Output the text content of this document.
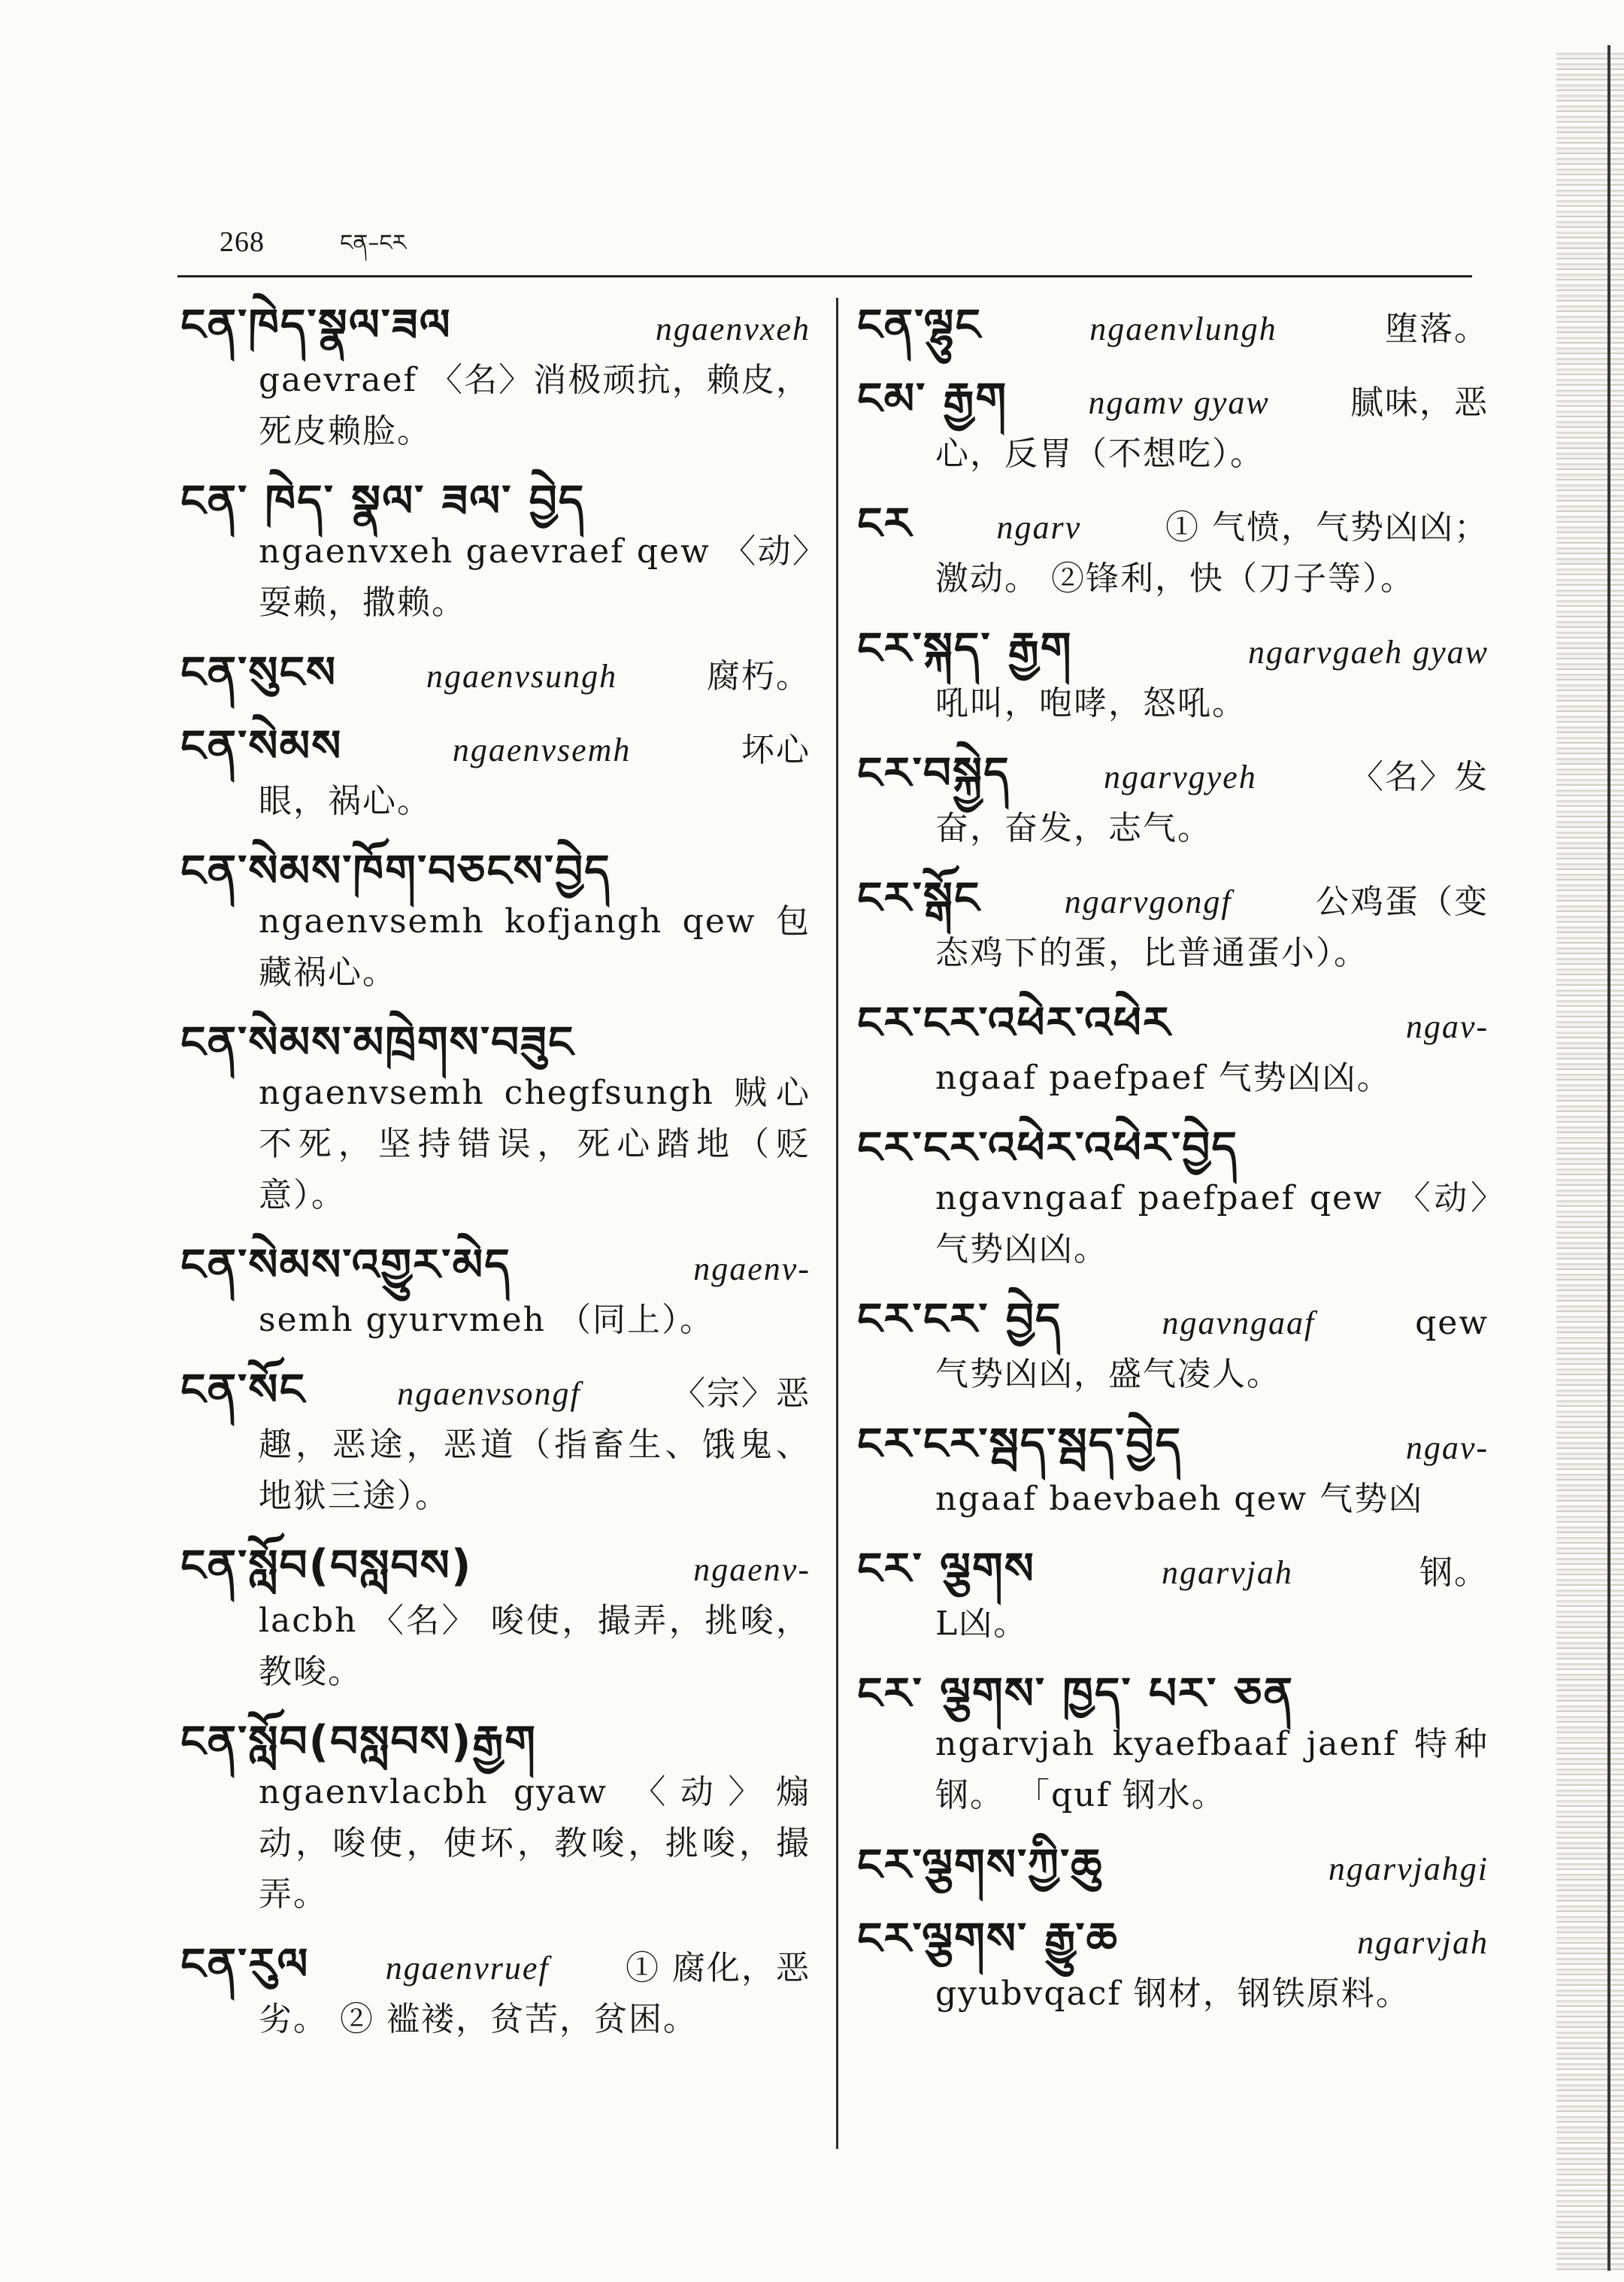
268	ངན–ངར
ངན་ཁེད་སྣལ་ཟལ	ngaenvxeh
gaevraef 〈名〉消极顽抗，赖皮，死皮赖脸。
ངན་ ཁེད་ སྣལ་ ཟལ་ བྱེད
ngaenvxeh gaevraef qew 〈动〉耍赖，撒赖。
ངན་སུངས	ngaenvsungh	腐朽。
ངན་སེམས	ngaenvsemh	坏心
眼，祸心。
ངན་སེམས་ཁོག་བཅངས་བྱེད
ngaenvsemh kofjangh qew 包藏祸心。
ངན་སེམས་མཁྲེགས་བཟུང
ngaenvsemh chegfsungh 贼心不死，坚持错误，死心踏地（贬意）。
ངན་སེམས་འགྱུར་མེད	ngaenv-
semh gyurvmeh （同上）。
ངན་སོང	ngaenvsongf	〈宗〉恶
趣，恶途，恶道（指畜生、饿鬼、地狱三途）。
ངན་སློབ(བསླབས)	ngaenv-
lacbh 〈名〉 唆使，撮弄，挑唆，教唆。
ངན་སློབ(བསླབས)རྒྱག
ngaenvlacbh gyaw 〈动〉煽动，唆使，使坏，教唆，挑唆，撮弄。
ངན་རུལ ngaenvruef ① 腐化，恶
劣。 ② 褴褛，贫苦，贫困。
ངན་ལྷུང	ngaenvlungh	堕落。
ངམ་ རྒྱག ngamv gyaw 腻味，恶
心，反胃（不想吃）。
ངར	ngarv	① 气愤，气势凶凶；
激动。 ②锋利，快（刀子等）。
ངར་སྐད་ རྒྱག	ngarvgaeh gyaw
吼叫，咆哮，怒吼。
ངར་བསྐྱེད	ngarvgyeh	〈名〉发
奋，奋发，志气。
ངར་སྒོང	ngarvgongf	公鸡蛋（变
态鸡下的蛋，比普通蛋小）。
ངར་ངར་འཕེར་འཕེར	ngav-
ngaaf paefpaef 气势凶凶。
ངར་ངར་འཕེར་འཕེར་བྱེད
ngavngaaf paefpaef qew 〈动〉气势凶凶。
ངར་ངར་ བྱེད	ngavngaaf	qew
气势凶凶，盛气凌人。
ངར་ངར་སྦད་སྦད་བྱེད	ngav-
ngaaf baevbaeh qew 气势凶
ངར་ ལྕགས	ngarvjah	钢。
L凶。
ངར་ ལྕགས་ ཁྱད་ པར་ ཅན
ngarvjah kyaefbaaf jaenf 特种钢。 「quf 钢水。
ངར་ལྕགས་ཀྱི་ཆུ	ngarvjahgi
ངར་ལྕགས་ རྒྱུ་ཆ	ngarvjah
gyubvqacf 钢材，钢铁原料。
